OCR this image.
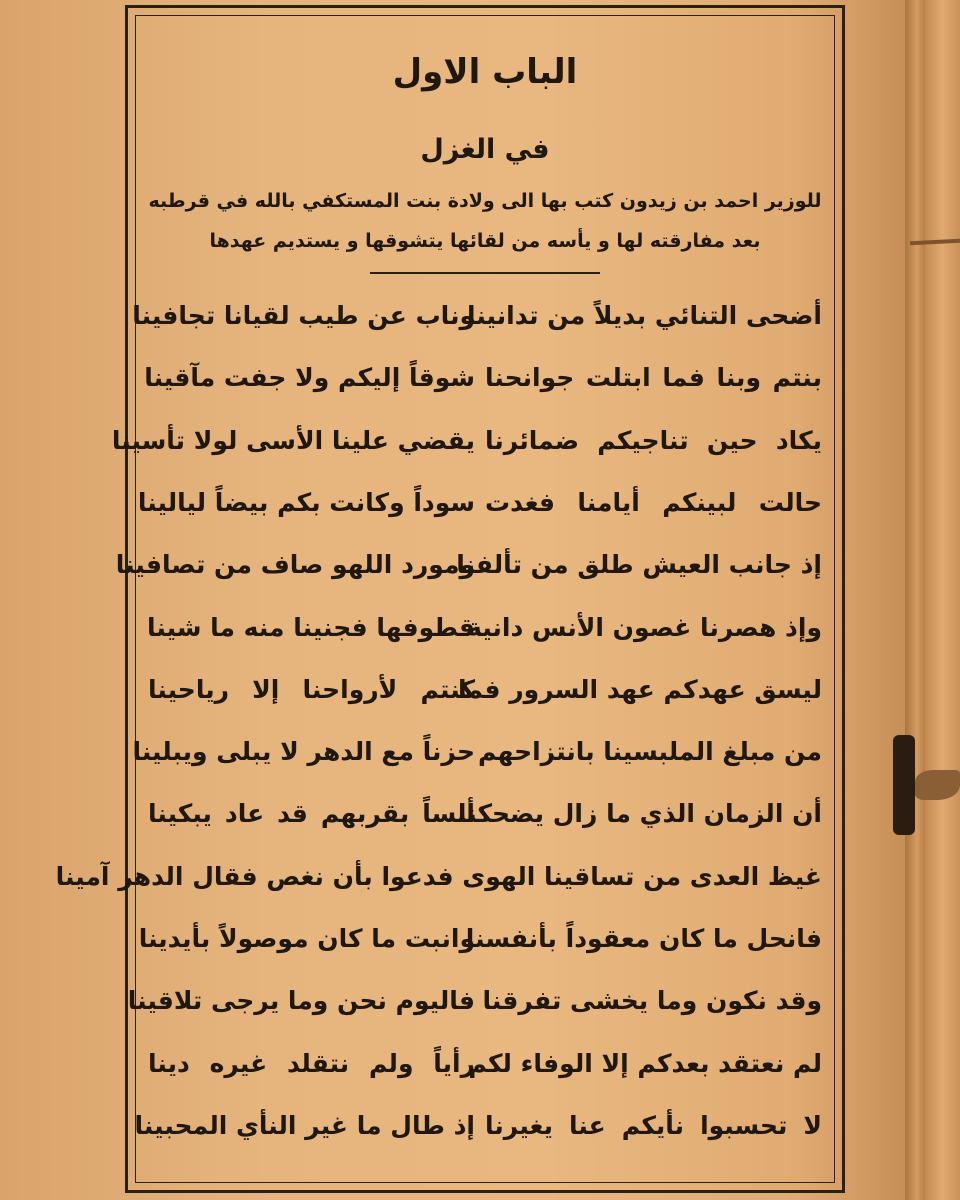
الباب الاول
في الغزل
للوزير احمد بن زيدون كتب بها الى ولادة بنت المستكفي بالله في قرطبه
بعد مفارقته لها و يأسه من لقائها يتشوقها و يستديم عهدها
أضحى التنائي بديلاً من تدانينا
وناب عن طيب لقيانا تجافينا
بنتم وبنا فما ابتلت جوانحنا
شوقاً إليكم ولا جفت مآقينا
يكاد حين تناجيكم ضمائرنا
يقضي علينا الأسى لولا تأسينا
حالت لبينكم أيامنا فغدت
سوداً وكانت بكم بيضاً ليالينا
إذ جانب العيش طلق من تألفنا
ومورد اللهو صاف من تصافينا
وإذ هصرنا غصون الأنس دانية
قطوفها فجنينا منه ما شينا
ليسق عهدكم عهد السرور فما
كنتم لأرواحنا إلا رياحينا
من مبلغ الملبسينا بانتزاحهم
حزناً مع الدهر لا يبلى ويبلينا
أن الزمان الذي ما زال يضحكنا
أنساً بقربهم قد عاد يبكينا
غيظ العدى من تساقينا الهوى فدعوا بأن نغص فقال الدهر آمينا
فانحل ما كان معقوداً بأنفسنا
وانبت ما كان موصولاً بأيدينا
وقد نكون وما يخشى تفرقنا
فاليوم نحن وما يرجى تلاقينا
لم نعتقد بعدكم إلا الوفاء لكم
رأياً ولم نتقلد غيره دينا
لا تحسبوا نأيكم عنا يغيرنا
إذ طال ما غير النأي المحبينا
